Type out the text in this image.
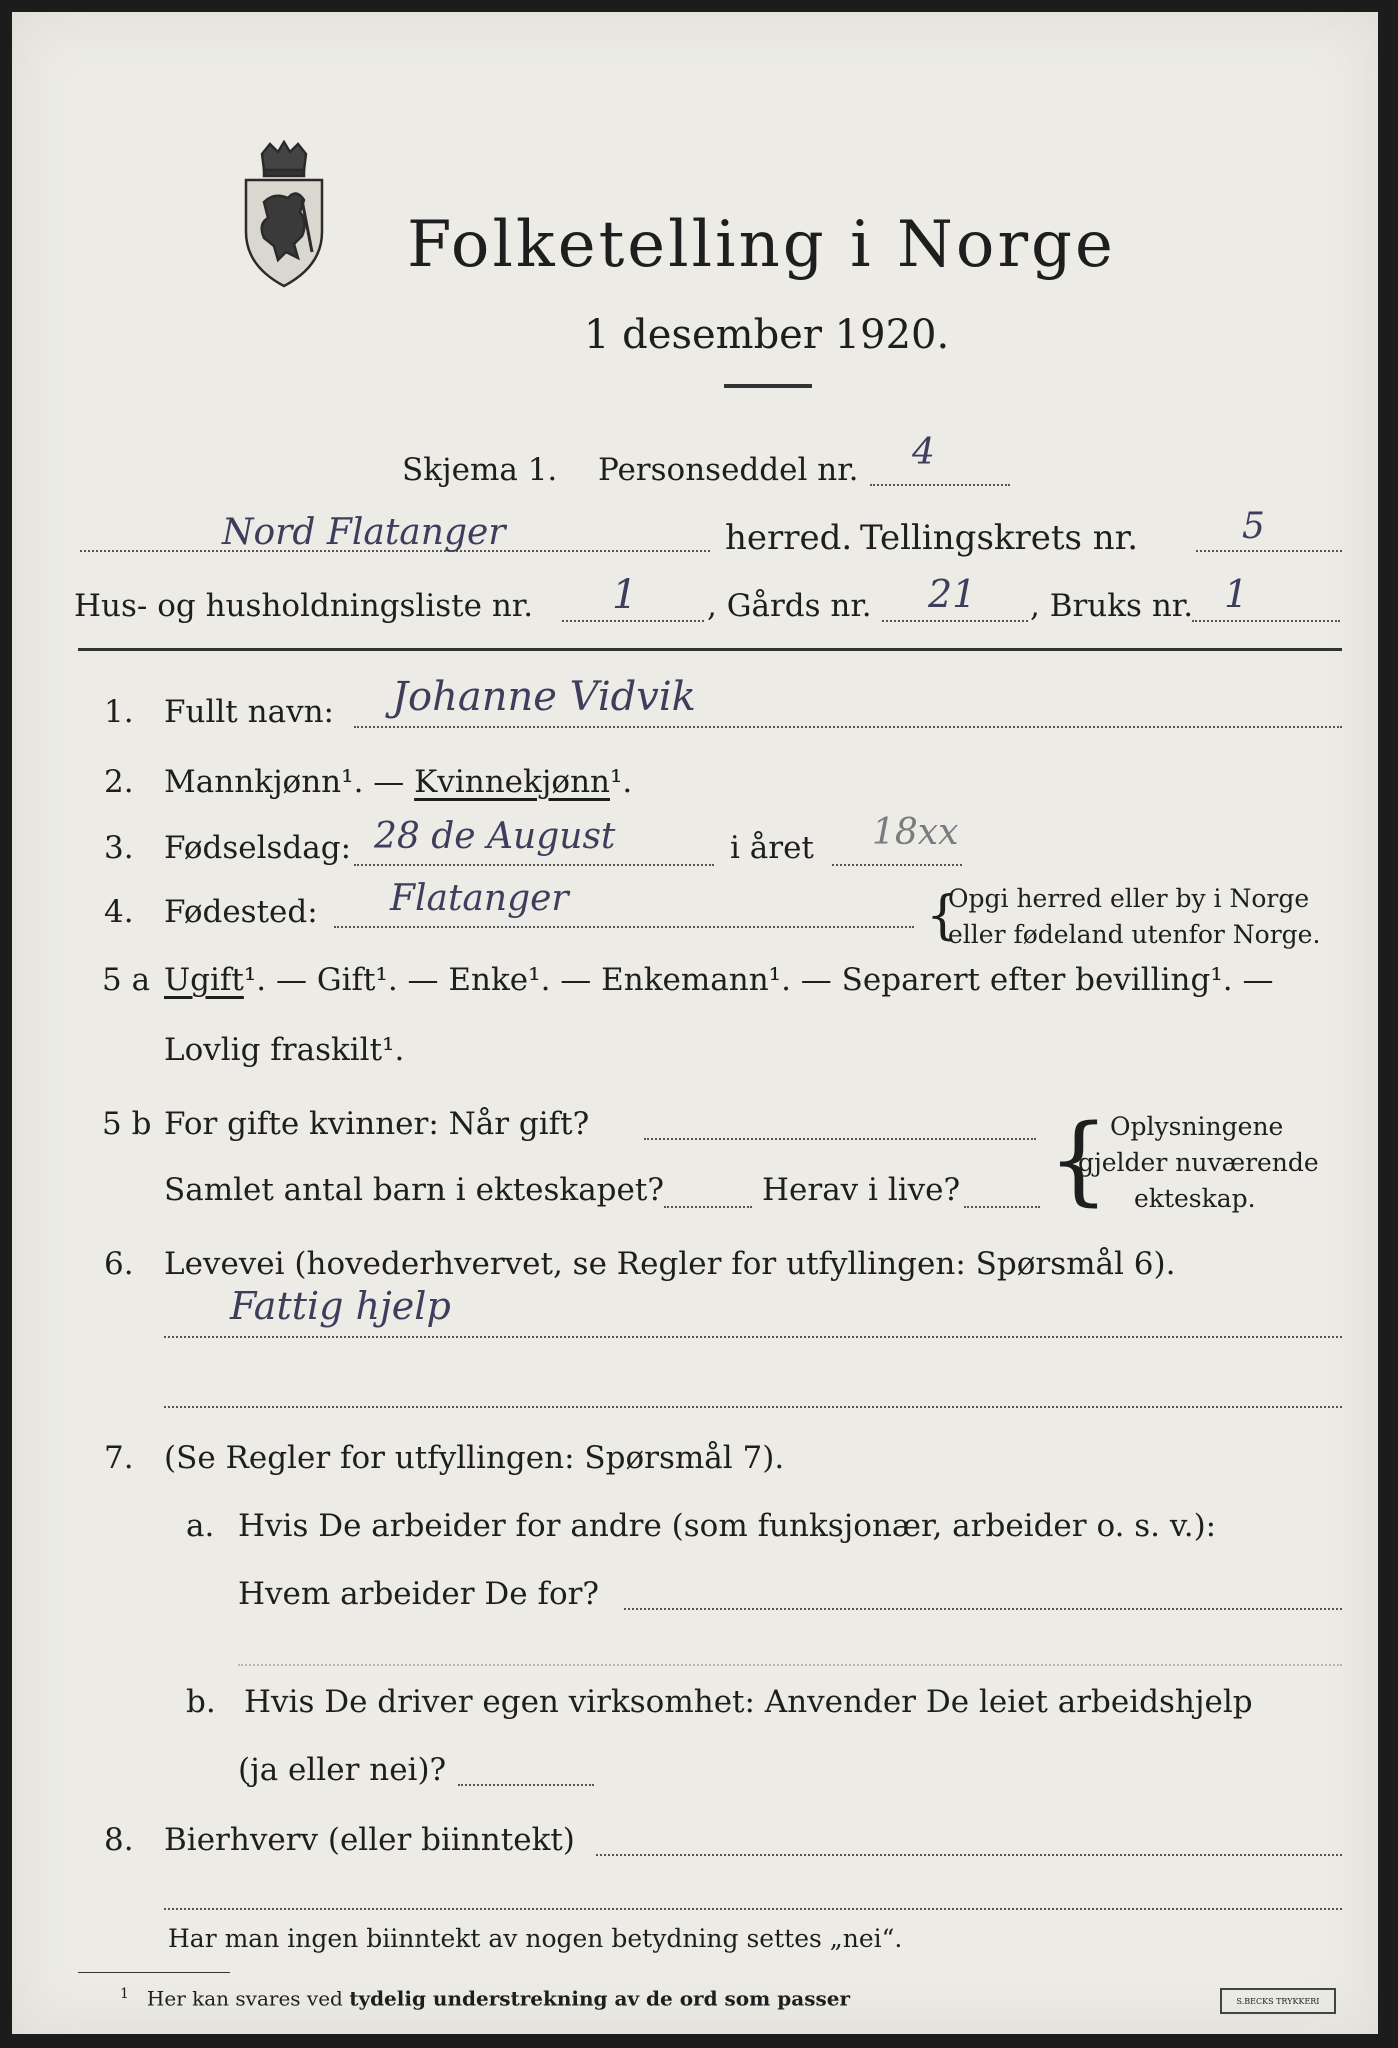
Folketelling i Norge
1 desember 1920.
Skjema 1. Personseddel nr. 4
Nord Flatanger	herred. Tellingskrets nr.	5
Hus- og husholdningsliste nr. 1 , Gårds nr. 21 , Bruks nr. 1
1. Fullt navn: Johanne Vidvik
2. Mannkjønn¹. — Kvinnekjønn¹.
3. Fødselsdag: 28 de August	i året 18xx
4. Fødested: Flatanger	{
Opgi herred eller by i Norge
eller fødeland utenfor Norge.
5 a Ugift¹. — Gift¹. — Enke¹. — Enkemann¹. — Separert efter bevilling¹. —
Lovlig fraskilt¹.
5 b For gifte kvinner: Når gift?
Samlet antal barn i ekteskapet?	Herav i live? { Oplysningene
gjelder nuværende
ekteskap.
6. Levevei (hovederhvervet, se Regler for utfyllingen: Spørsmål 6).
Fattig hjelp
7. (Se Regler for utfyllingen: Spørsmål 7).
a. Hvis De arbeider for andre (som funksjonær, arbeider o. s. v.):
Hvem arbeider De for?
b. Hvis De driver egen virksomhet: Anvender De leiet arbeidshjelp
(ja eller nei)?
8. Bierhverv (eller biinntekt)
Har man ingen biinntekt av nogen betydning settes „nei“.
$^1$ Her kan svares ved tydelig understrekning av de ord som passer	S.BECKS TRYKKERI
